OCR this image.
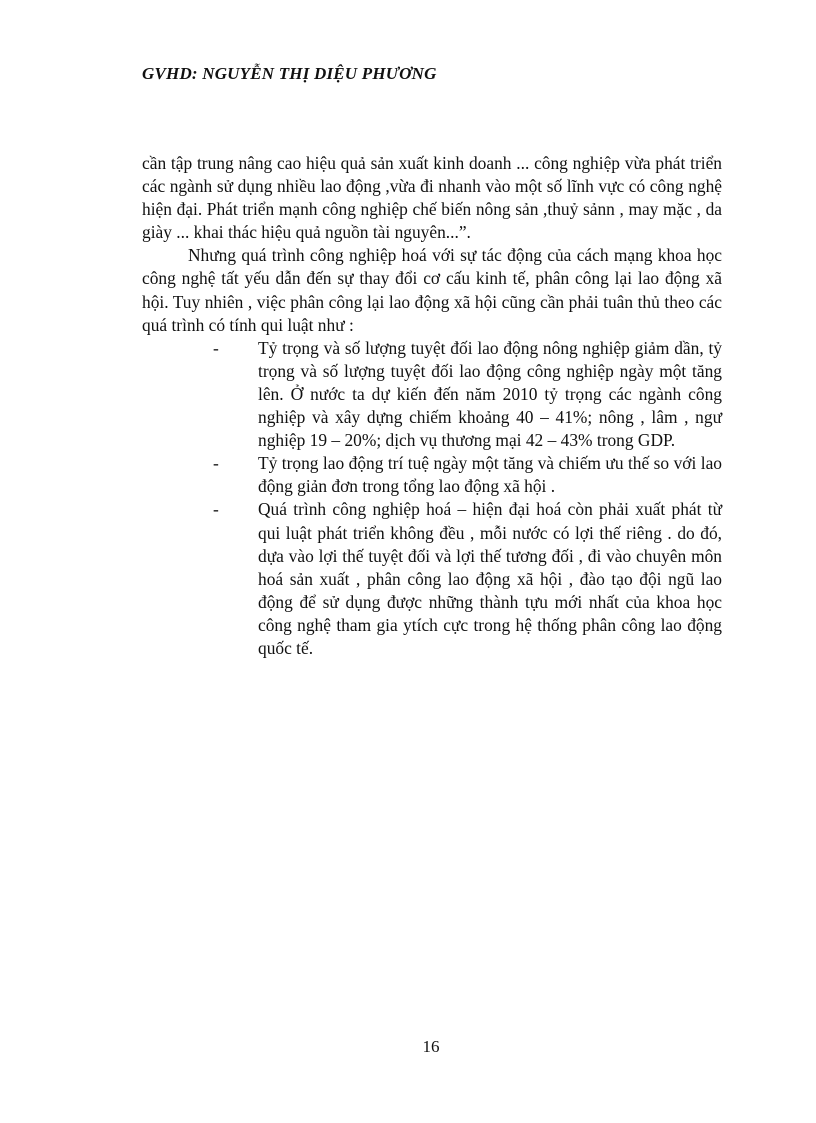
GVHD: NGUYỄN THỊ DIỆU PHƯƠNG

cần tập trung nâng cao hiệu quả sản xuất kinh doanh ... công nghiệp vừa phát triển các ngành sử dụng nhiều lao động ,vừa đi nhanh vào một số lĩnh vực có công nghệ hiện đại. Phát triển mạnh công nghiệp chế biến nông sản ,thuỷ sảnn , may mặc , da giày ... khai thác hiệu quả nguồn tài nguyên...”.

Nhưng quá trình công nghiệp hoá với sự tác động của cách mạng khoa học công nghệ tất yếu dẫn đến sự thay đổi cơ cấu kinh tế, phân công lại lao động xã hội. Tuy nhiên , việc phân công lại lao động xã hội cũng cần phải tuân thủ theo các quá trình có tính qui luật như :

- Tỷ trọng và số lượng tuyệt đối lao động nông nghiệp giảm dần, tỷ trọng và số lượng tuyệt đối lao động công nghiệp ngày một tăng lên. Ở nước ta dự kiến đến năm 2010 tỷ trọng các ngành công nghiệp và xây dựng chiếm khoảng 40 – 41%; nông , lâm , ngư nghiệp 19 – 20%; dịch vụ thương mại 42 – 43% trong GDP.
- Tỷ trọng lao động trí tuệ ngày một tăng và chiếm ưu thế so với lao động giản đơn trong tổng lao động xã hội .
- Quá trình công nghiệp hoá – hiện đại hoá còn phải xuất phát từ qui luật phát triển không đều , mỗi nước có lợi thế riêng . do đó, dựa vào lợi thế tuyệt đối và lợi thế tương đối , đi vào chuyên môn hoá sản xuất , phân công lao động xã hội , đào tạo đội ngũ lao động để sử dụng được những thành tựu mới nhất của khoa học công nghệ tham gia ytích cực trong hệ thống phân công lao động quốc tế.
16
